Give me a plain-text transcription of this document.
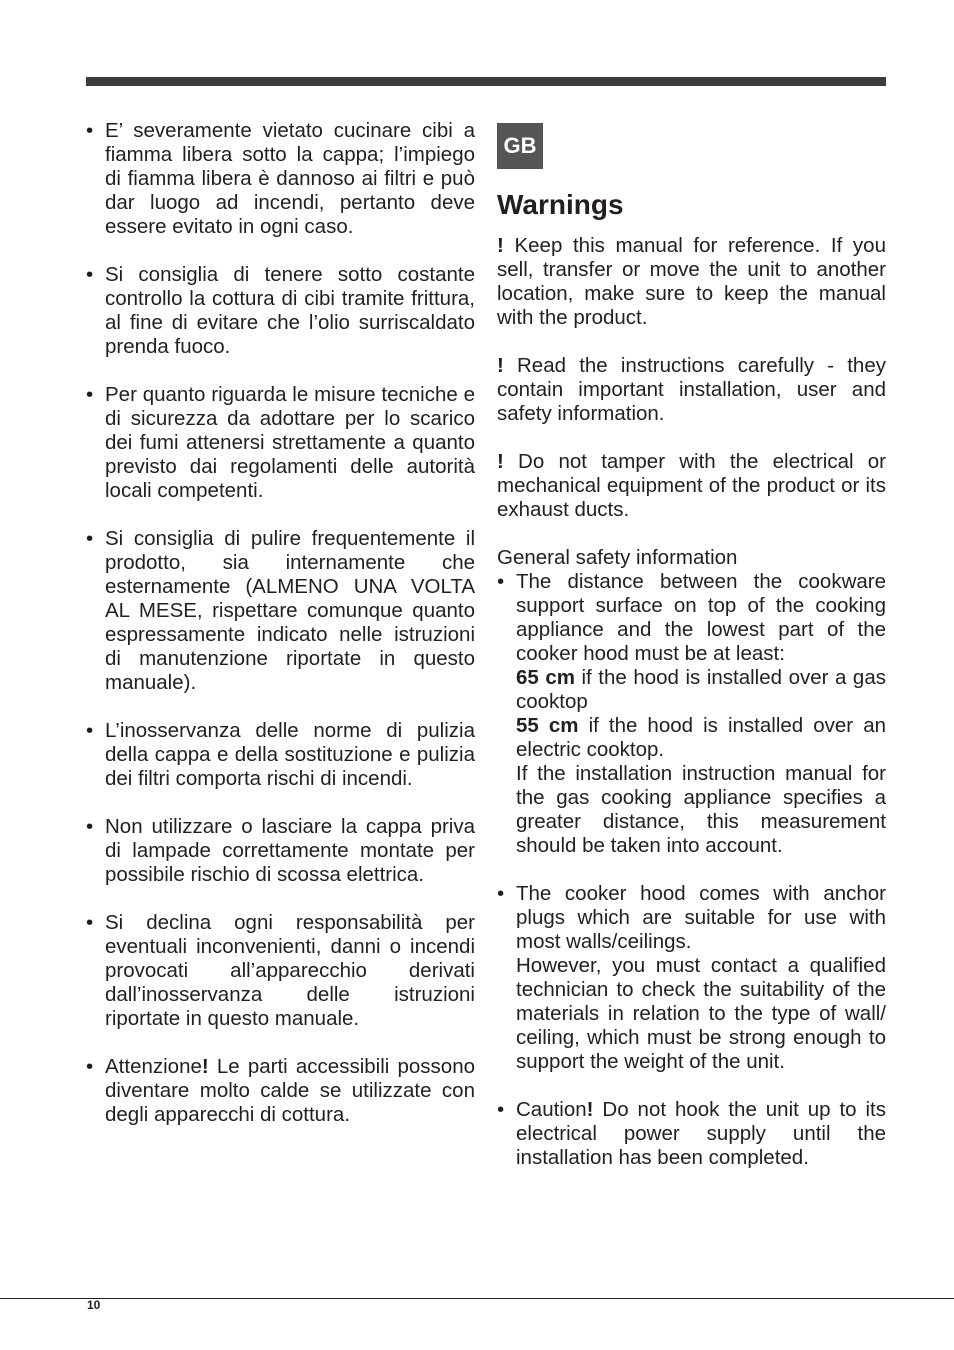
• E’ severamente vietato cucinare cibi a fiamma libera sotto la cappa; l’impiego di fiamma libera è dannoso ai filtri e può dar luogo ad incendi, pertanto deve essere evitato in ogni caso.
• Si consiglia di tenere sotto costante controllo la cottura di cibi tramite frittura, al fine di evitare che l’olio surriscaldato prenda fuoco.
• Per quanto riguarda le misure tecniche e di sicurezza da adottare per lo scarico dei fumi attenersi strettamente a quanto previsto dai regolamenti delle autorità locali competenti.
• Si consiglia di pulire frequentemente il prodotto, sia internamente che esternamente (ALMENO UNA VOLTA AL MESE, rispettare comunque quanto espressamente indicato nelle istruzioni di manutenzione riportate in questo manuale).
• L’inosservanza delle norme di pulizia della cappa e della sostituzione e pulizia dei filtri comporta rischi di incendi.
• Non utilizzare o lasciare la cappa priva di lampade correttamente montate per possibile rischio di scossa elettrica.
• Si declina ogni responsabilità per eventuali inconvenienti, danni o incendi provocati all’apparecchio derivati dall’inosservanza delle istruzioni riportate in questo manuale.
• Attenzione! Le parti accessibili possono diventare molto calde se utilizzate con degli apparecchi di cottura.
GB
Warnings
! Keep this manual for reference. If you sell, transfer or move the unit to another location, make sure to keep the manual with the product.
! Read the instructions carefully - they contain important installation, user and safety information.
! Do not tamper with the electrical or mechanical equipment of the product or its exhaust ducts.
General safety information
• The distance between the cookware support surface on top of the cooking appliance and the lowest part of the cooker hood must be at least:
65 cm if the hood is installed over a gas cooktop
55 cm if the hood is installed over an electric cooktop.
If the installation instruction manual for the gas cooking appliance specifies a greater distance, this measurement should be taken into account.
• The cooker hood comes with anchor plugs which are suitable for use with most walls/ceilings.
However, you must contact a qualified technician to check the suitability of the materials in relation to the type of wall/ ceiling, which must be strong enough to support the weight of the unit.
• Caution! Do not hook the unit up to its electrical power supply until the installation has been completed.
10
